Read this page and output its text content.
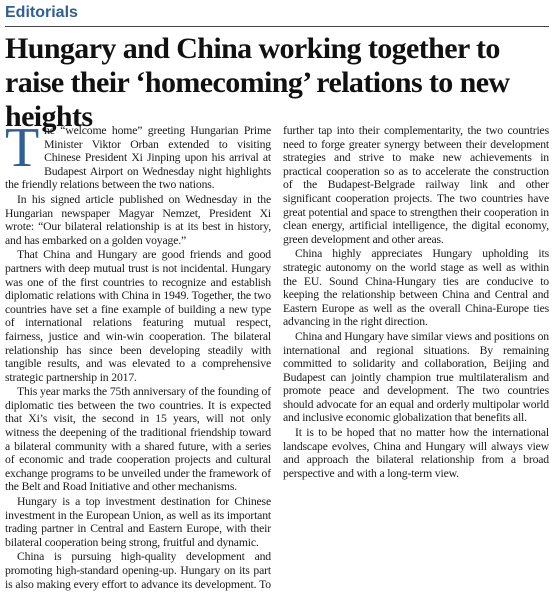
Editorials
Hungary and China working together to raise their ‘homecoming’ relations to new heights

The “welcome home” greeting Hungarian Prime Minister Viktor Orban extended to visiting Chinese President Xi Jinping upon his arrival at Budapest Airport on Wednesday night highlights the friendly relations between the two nations.

In his signed article published on Wednesday in the Hungarian newspaper Magyar Nemzet, President Xi wrote: “Our bilateral relationship is at its best in history, and has embarked on a golden voyage.”

That China and Hungary are good friends and good partners with deep mutual trust is not incidental. Hungary was one of the first countries to recognize and establish diplomatic relations with China in 1949. Together, the two countries have set a fine example of building a new type of international relations featuring mutual respect, fairness, justice and win-win cooperation. The bilateral relationship has since been developing steadily with tangible results, and was elevated to a comprehensive strategic partnership in 2017.

This year marks the 75th anniversary of the founding of diplomatic ties between the two countries. It is expected that Xi’s visit, the second in 15 years, will not only witness the deepening of the traditional friendship toward a bilateral community with a shared future, with a series of economic and trade cooperation projects and cultural exchange programs to be unveiled under the framework of the Belt and Road Initiative and other mechanisms.

Hungary is a top investment destination for Chinese investment in the European Union, as well as its important trading partner in Central and Eastern Europe, with their bilateral cooperation being strong, fruitful and dynamic.

China is pursuing high-quality development and promoting high-standard opening-up. Hungary on its part is also making every effort to advance its development. To further tap into their complementarity, the two countries need to forge greater synergy between their development strategies and strive to make new achievements in practical cooperation so as to accelerate the construction of the Budapest-Belgrade railway link and other significant cooperation projects. The two countries have great potential and space to strengthen their cooperation in clean energy, artificial intelligence, the digital economy, green development and other areas.

China highly appreciates Hungary upholding its strategic autonomy on the world stage as well as within the EU. Sound China-Hungary ties are conducive to keeping the relationship between China and Central and Eastern Europe as well as the overall China-Europe ties advancing in the right direction.

China and Hungary have similar views and positions on international and regional situations. By remaining committed to solidarity and collaboration, Beijing and Budapest can jointly champion true multilateralism and promote peace and development. The two countries should advocate for an equal and orderly multipolar world and inclusive economic globalization that benefits all.

It is to be hoped that no matter how the international landscape evolves, China and Hungary will always view and approach the bilateral relationship from a broad perspective and with a long-term view.
